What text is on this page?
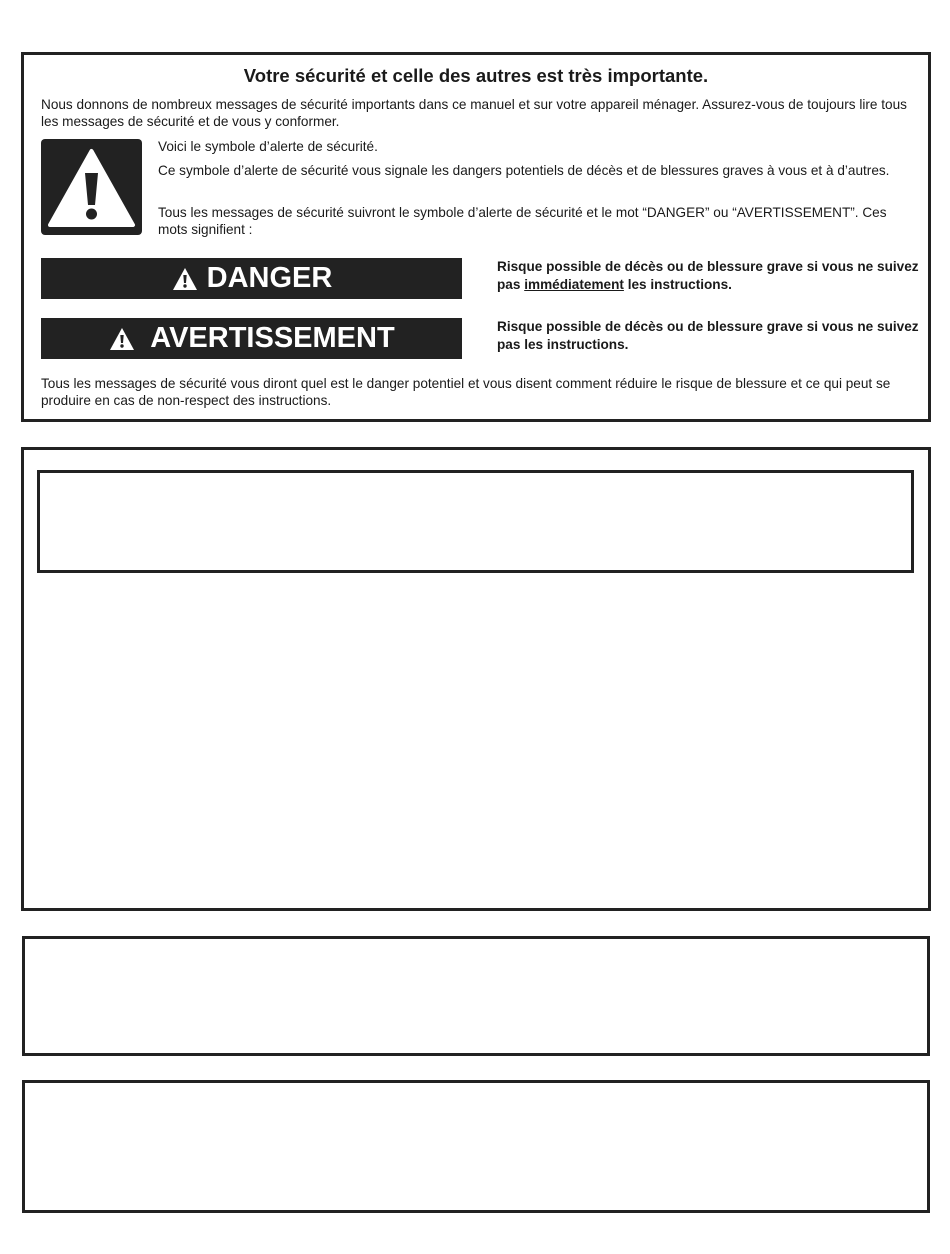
Votre sécurité et celle des autres est très importante.
Nous donnons de nombreux messages de sécurité importants dans ce manuel et sur votre appareil ménager. Assurez-vous de toujours lire tous les messages de sécurité et de vous y conformer.
Voici le symbole d’alerte de sécurité.
Ce symbole d’alerte de sécurité vous signale les dangers potentiels de décès et de blessures graves à vous et à d’autres.
Tous les messages de sécurité suivront le symbole d’alerte de sécurité et le mot “DANGER” ou “AVERTISSEMENT”. Ces mots signifient :
DANGER	Risque possible de décès ou de blessure grave si vous ne suivez pas immédiatement les instructions.
AVERTISSEMENT	Risque possible de décès ou de blessure grave si vous ne suivez pas les instructions.
Tous les messages de sécurité vous diront quel est le danger potentiel et vous disent comment réduire le risque de blessure et ce qui peut se produire en cas de non-respect des instructions.
